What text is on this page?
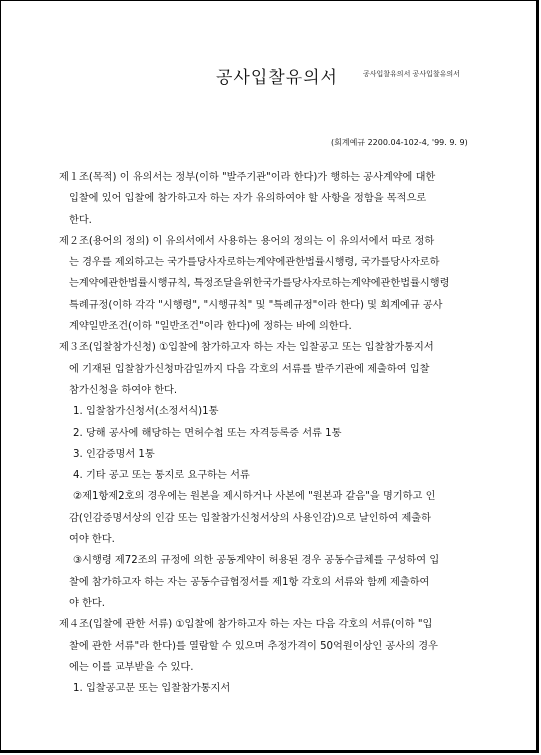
공사입찰유의서	공사입찰유의서 공사입찰유의서
(회계예규 2200.04-102-4, '99. 9. 9)
제１조(목적) 이 유의서는 정부(이하 "발주기관"이라 한다)가 행하는 공사계약에 대한
입찰에 있어 입찰에 참가하고자 하는 자가 유의하여야 할 사항을 정함을 목적으로
한다.
제２조(용어의 정의) 이 유의서에서 사용하는 용어의 정의는 이 유의서에서 따로 정하
는 경우를 제외하고는 국가를당사자로하는계약에관한법률시행령, 국가를당사자로하
는계약에관한법률시행규칙, 특정조달을위한국가를당사자로하는계약에관한법률시행령
특례규정(이하 각각 "시행령", "시행규칙" 및 "특례규정"이라 한다) 및 회계예규 공사
계약일반조건(이하 "일반조건"이라 한다)에 정하는 바에 의한다.
제３조(입찰참가신청) ①입찰에 참가하고자 하는 자는 입찰공고 또는 입찰참가통지서
에 기재된 입찰참가신청마감일까지 다음 각호의 서류를 발주기관에 제출하여 입찰
참가신청을 하여야 한다.
1. 입찰참가신청서(소정서식)1통
2. 당해 공사에 해당하는 면허수첩 또는 자격등록증 서류 1통
3. 인감증명서 1통
4. 기타 공고 또는 통지로 요구하는 서류
②제1항제2호의 경우에는 원본을 제시하거나 사본에 "원본과 같음"을 명기하고 인
감(인감증명서상의 인감 또는 입찰참가신청서상의 사용인감)으로 날인하여 제출하
여야 한다.
③시행령 제72조의 규정에 의한 공동계약이 허용된 경우 공동수급체를 구성하여 입
찰에 참가하고자 하는 자는 공동수급협정서를 제1항 각호의 서류와 함께 제출하여
야 한다.
제４조(입찰에 관한 서류) ①입찰에 참가하고자 하는 자는 다음 각호의 서류(이하 "입
찰에 관한 서류"라 한다)를 열람할 수 있으며 추정가격이 50억원이상인 공사의 경우
에는 이를 교부받을 수 있다.
1. 입찰공고문 또는 입찰참가통지서
